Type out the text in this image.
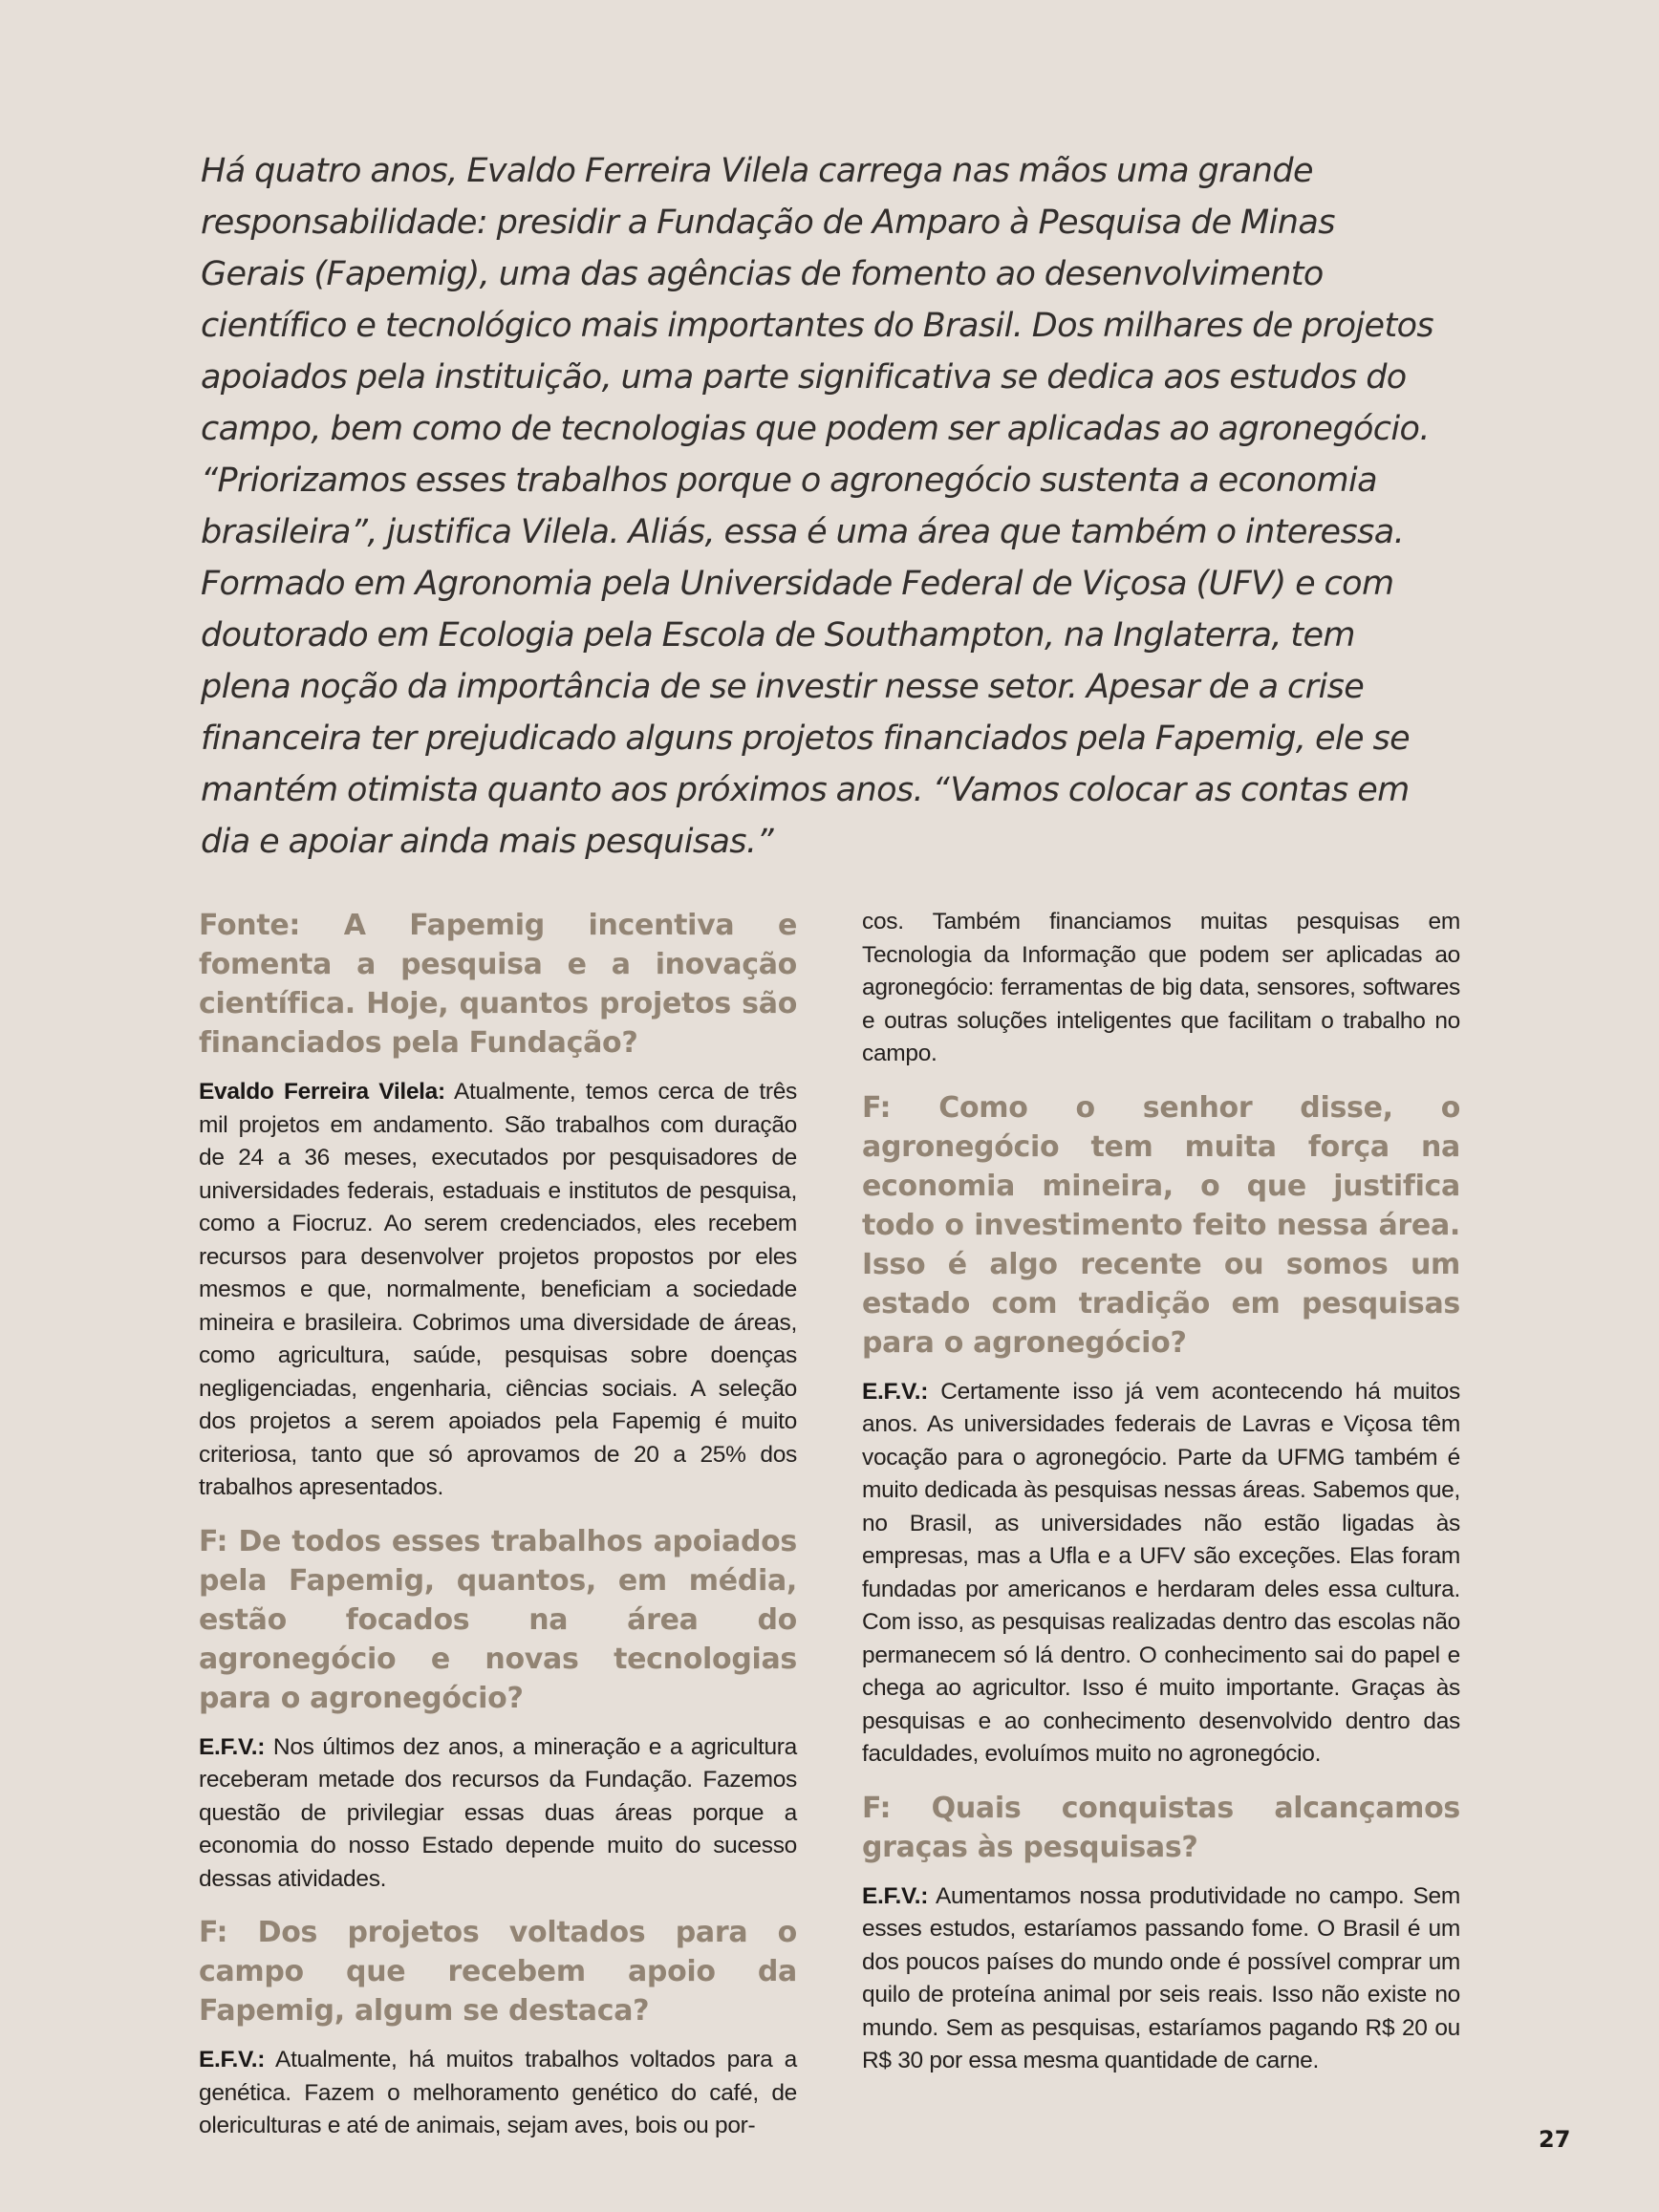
Há quatro anos, Evaldo Ferreira Vilela carrega nas mãos uma grande responsabilidade: presidir a Fundação de Amparo à Pesquisa de Minas Gerais (Fapemig), uma das agências de fomento ao desenvolvimento científico e tecnológico mais importantes do Brasil. Dos milhares de projetos apoiados pela instituição, uma parte significativa se dedica aos estudos do campo, bem como de tecnologias que podem ser aplicadas ao agronegócio. “Priorizamos esses trabalhos porque o agronegócio sustenta a economia brasileira”, justifica Vilela. Aliás, essa é uma área que também o interessa. Formado em Agronomia pela Universidade Federal de Viçosa (UFV) e com doutorado em Ecologia pela Escola de Southampton, na Inglaterra, tem plena noção da importância de se investir nesse setor. Apesar de a crise financeira ter prejudicado alguns projetos financiados pela Fapemig, ele se mantém otimista quanto aos próximos anos. “Vamos colocar as contas em dia e apoiar ainda mais pesquisas.”

Fonte: A Fapemig incentiva e fomenta a pesquisa e a inovação científica. Hoje, quantos projetos são financiados pela Fundação?

Evaldo Ferreira Vilela: Atualmente, temos cerca de três mil projetos em andamento. São trabalhos com duração de 24 a 36 meses, executados por pesquisadores de universidades federais, estaduais e institutos de pesquisa, como a Fiocruz. Ao serem credenciados, eles recebem recursos para desenvolver projetos propostos por eles mesmos e que, normalmente, beneficiam a sociedade mineira e brasileira. Cobrimos uma diversidade de áreas, como agricultura, saúde, pesquisas sobre doenças negligenciadas, engenharia, ciências sociais. A seleção dos projetos a serem apoiados pela Fapemig é muito criteriosa, tanto que só aprovamos de 20 a 25% dos trabalhos apresentados.

F: De todos esses trabalhos apoiados pela Fapemig, quantos, em média, estão focados na área do agronegócio e novas tecnologias para o agronegócio?

E.F.V.: Nos últimos dez anos, a mineração e a agricultura receberam metade dos recursos da Fundação. Fazemos questão de privilegiar essas duas áreas porque a economia do nosso Estado depende muito do sucesso dessas atividades.

F: Dos projetos voltados para o campo que recebem apoio da Fapemig, algum se destaca?

E.F.V.: Atualmente, há muitos trabalhos voltados para a genética. Fazem o melhoramento genético do café, de olericulturas e até de animais, sejam aves, bois ou por-

cos. Também financiamos muitas pesquisas em Tecnologia da Informação que podem ser aplicadas ao agronegócio: ferramentas de big data, sensores, softwares e outras soluções inteligentes que facilitam o trabalho no campo.

F: Como o senhor disse, o agronegócio tem muita força na economia mineira, o que justifica todo o investimento feito nessa área. Isso é algo recente ou somos um estado com tradição em pesquisas para o agronegócio?

E.F.V.: Certamente isso já vem acontecendo há muitos anos. As universidades federais de Lavras e Viçosa têm vocação para o agronegócio. Parte da UFMG também é muito dedicada às pesquisas nessas áreas. Sabemos que, no Brasil, as universidades não estão ligadas às empresas, mas a Ufla e a UFV são exceções. Elas foram fundadas por americanos e herdaram deles essa cultura. Com isso, as pesquisas realizadas dentro das escolas não permanecem só lá dentro. O conhecimento sai do papel e chega ao agricultor. Isso é muito importante. Graças às pesquisas e ao conhecimento desenvolvido dentro das faculdades, evoluímos muito no agronegócio.

F: Quais conquistas alcançamos graças às pesquisas?

E.F.V.: Aumentamos nossa produtividade no campo. Sem esses estudos, estaríamos passando fome. O Brasil é um dos poucos países do mundo onde é possível comprar um quilo de proteína animal por seis reais. Isso não existe no mundo. Sem as pesquisas, estaríamos pagando R$ 20 ou R$ 30 por essa mesma quantidade de carne.

27
